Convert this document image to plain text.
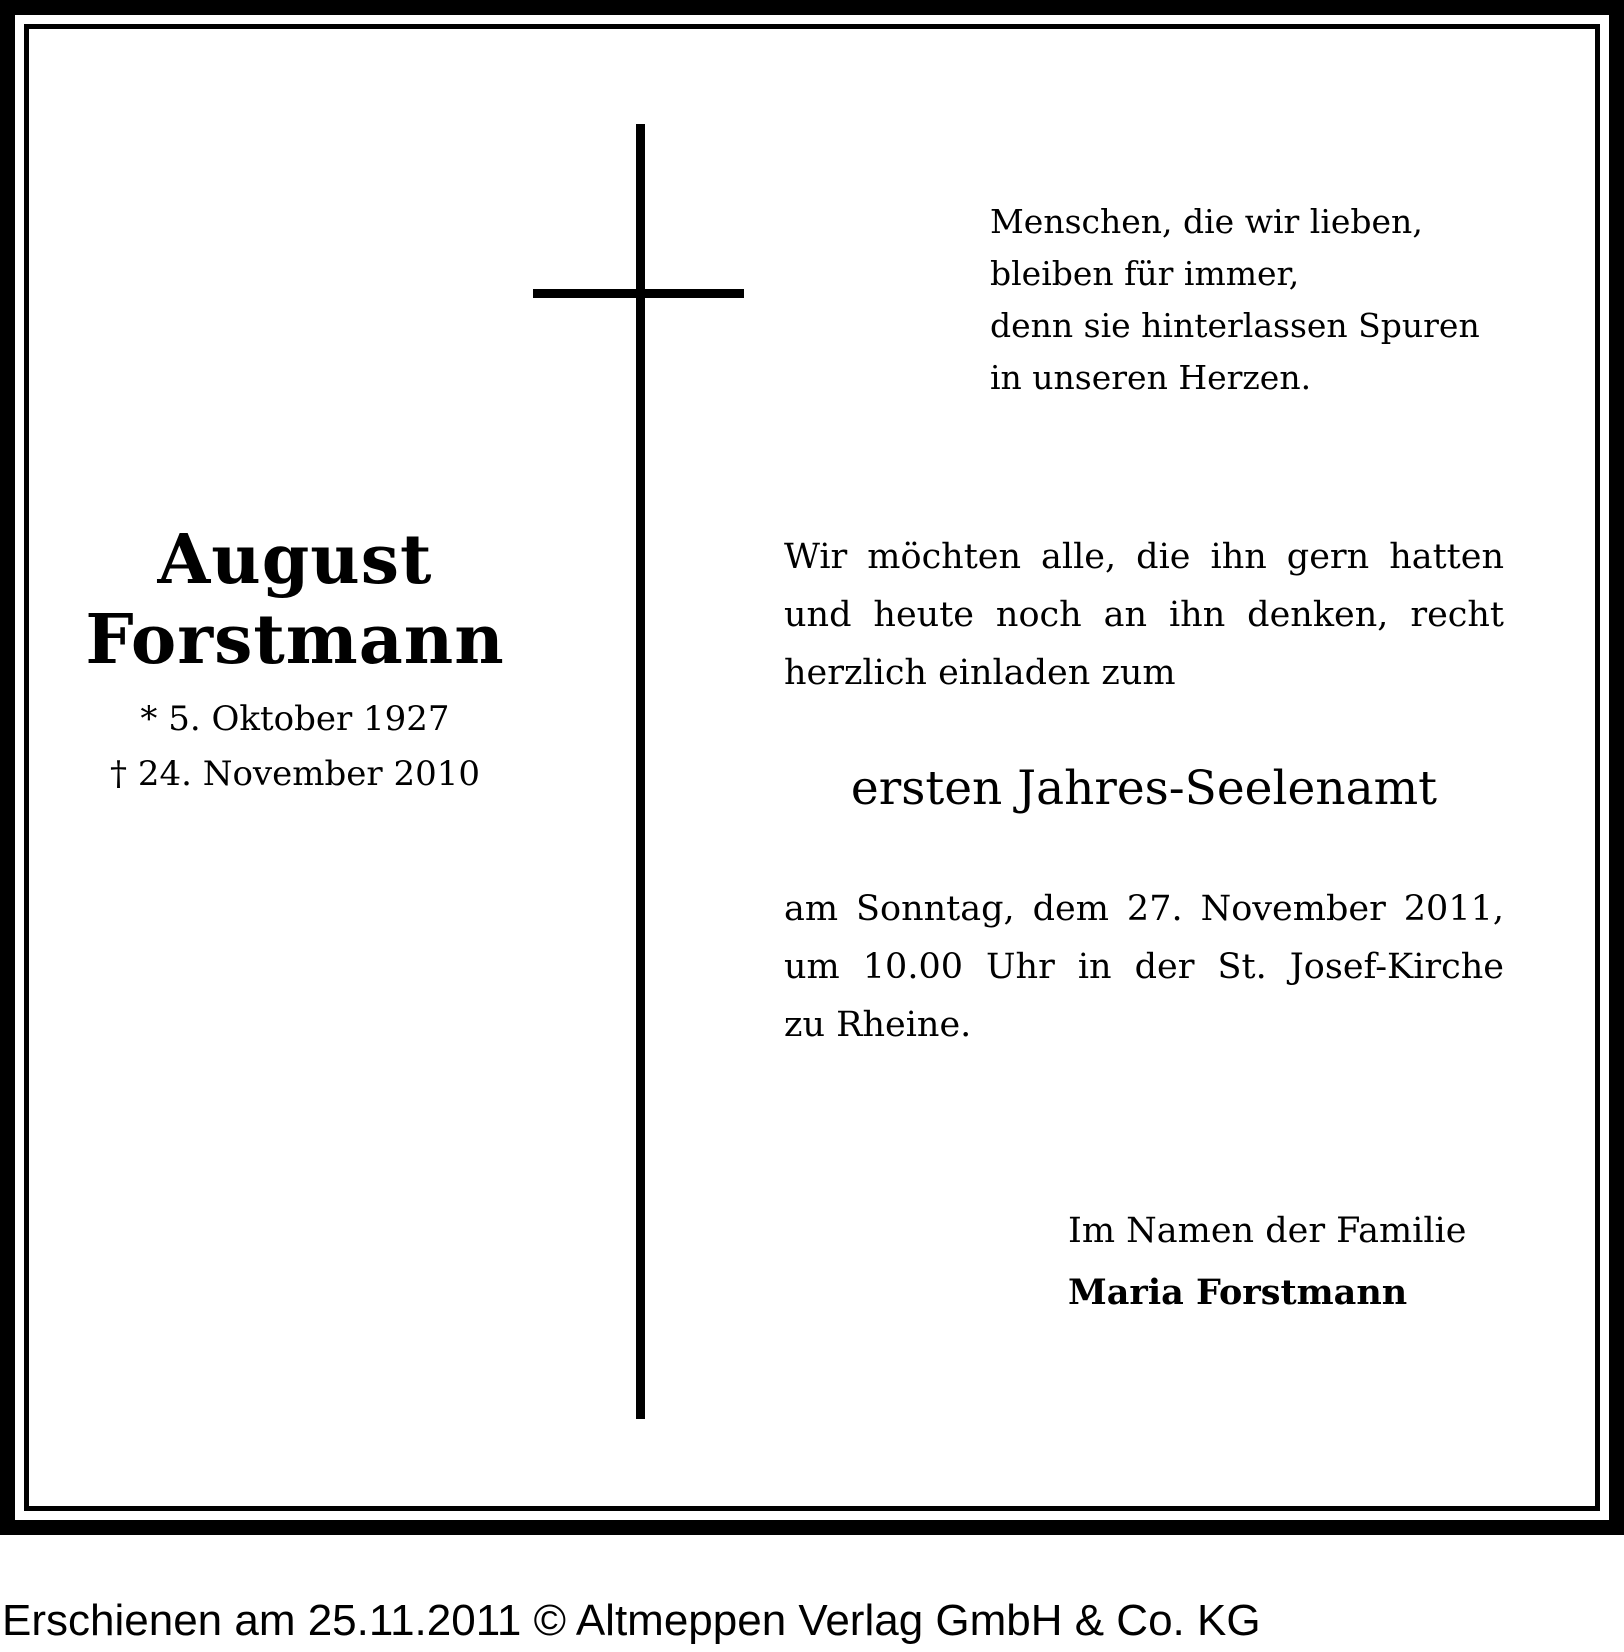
August
Forstmann
* 5. Oktober 1927
† 24. November 2010
Menschen, die wir lieben,
bleiben für immer,
denn sie hinterlassen Spuren
in unseren Herzen.
Wir möchten alle, die ihn gern hatten
und heute noch an ihn denken, recht
herzlich einladen zum
ersten Jahres-Seelenamt
am Sonntag, dem 27. November 2011,
um 10.00 Uhr in der St. Josef-Kirche
zu Rheine.
Im Namen der Familie
Maria Forstmann
Erschienen am 25.11.2011 © Altmeppen Verlag GmbH & Co. KG
